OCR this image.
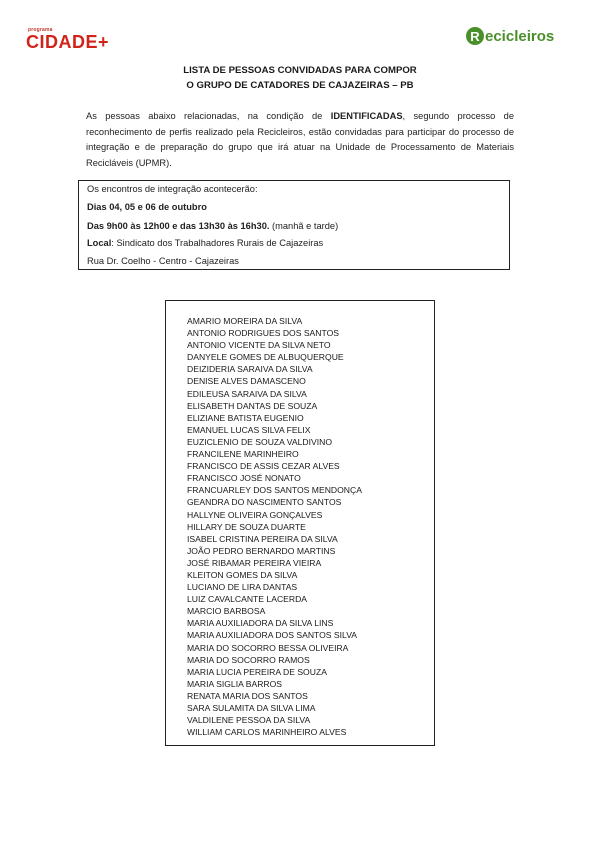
programa
CIDADE+	R ecicleiros
LISTA DE PESSOAS CONVIDADAS PARA COMPOR
O GRUPO DE CATADORES DE CAJAZEIRAS – PB

As pessoas abaixo relacionadas, na condição de IDENTIFICADAS, segundo processo de reconhecimento de perfis realizado pela Recicleiros, estão convidadas para participar do processo de integração e de preparação do grupo que irá atuar na Unidade de Processamento de Materiais Recicláveis (UPMR).

Os encontros de integração acontecerão:
Dias 04, 05 e 06 de outubro
Das 9h00 às 12h00 e das 13h30 às 16h30. (manhã e tarde)
Local: Sindicato dos Trabalhadores Rurais de Cajazeiras
Rua Dr. Coelho - Centro - Cajazeiras
AMARIO MOREIRA DA SILVA
ANTONIO RODRIGUES DOS SANTOS
ANTONIO VICENTE DA SILVA NETO
DANYELE GOMES DE ALBUQUERQUE
DEIZIDERIA SARAIVA DA SILVA
DENISE ALVES DAMASCENO
EDILEUSA SARAIVA DA SILVA
ELISABETH DANTAS DE SOUZA
ELIZIANE BATISTA EUGENIO
EMANUEL LUCAS SILVA FELIX
EUZICLENIO DE SOUZA VALDIVINO
FRANCILENE MARINHEIRO
FRANCISCO DE ASSIS CEZAR ALVES
FRANCISCO JOSÉ NONATO
FRANCUARLEY DOS SANTOS MENDONÇA
GEANDRA DO NASCIMENTO SANTOS
HALLYNE OLIVEIRA GONÇALVES
HILLARY DE SOUZA DUARTE
ISABEL CRISTINA PEREIRA DA SILVA
JOÃO PEDRO BERNARDO MARTINS
JOSÉ RIBAMAR PEREIRA VIEIRA
KLEITON GOMES DA SILVA
LUCIANO DE LIRA DANTAS
LUIZ CAVALCANTE LACERDA
MARCIO BARBOSA
MARIA AUXILIADORA DA SILVA LINS
MARIA AUXILIADORA DOS SANTOS SILVA
MARIA DO SOCORRO BESSA OLIVEIRA
MARIA DO SOCORRO RAMOS
MARIA LUCIA PEREIRA DE SOUZA
MARIA SIGLIA BARROS
RENATA MARIA DOS SANTOS
SARA SULAMITA DA SILVA LIMA
VALDILENE PESSOA DA SILVA
WILLIAM CARLOS MARINHEIRO ALVES
